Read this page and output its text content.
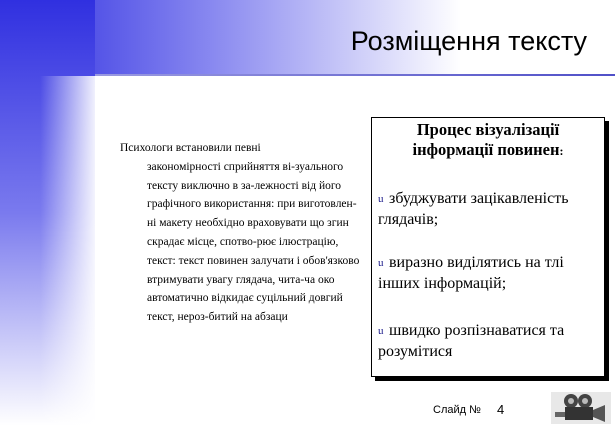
Розміщення тексту
Психологи встановили певні
закономірності сприйняття ві-зуального тексту виключно в за-лежності від його графічного використання: при виготовлен-ні макету необхідно враховувати що згин скрадає місце, спотво-рює ілюстрацію, текст: текст повинен залучати і обов'язково втримувати увагу глядача, чита-ча око автоматично відкидає суцільний довгий текст, нероз-битий на абзаци
Процес візуалізації
інформації повинен:
u збуджувати зацікавленість глядачів;
u виразно виділятись на тлі інших інформацій;
u швидко розпізнаватися та розумітися
Слайд № 4
